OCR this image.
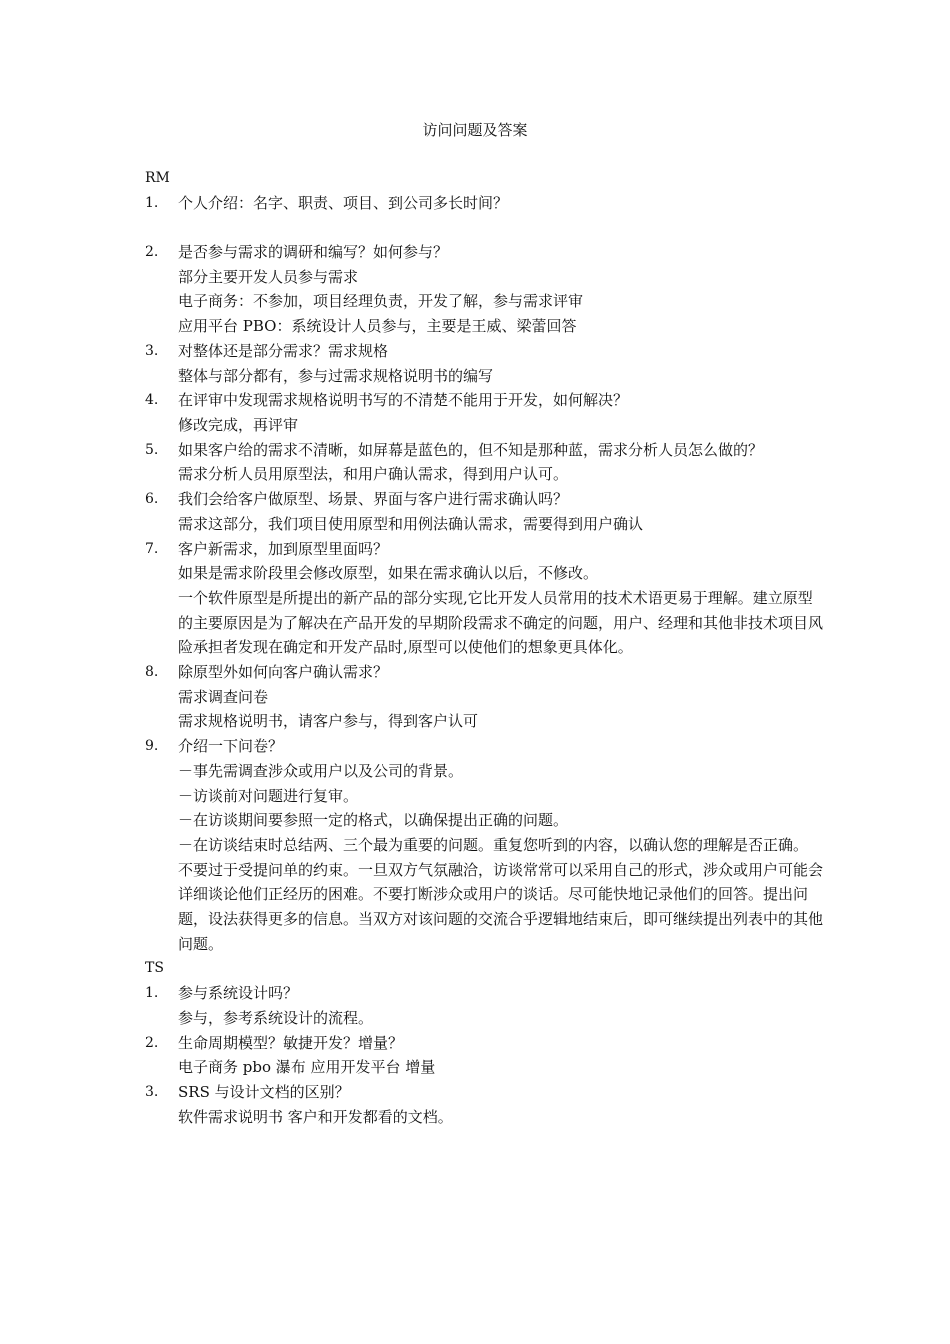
访问问题及答案
RM
1.	个人介绍：名字、职责、项目、到公司多长时间？
2.	是否参与需求的调研和编写？如何参与？
部分主要开发人员参与需求
电子商务：不参加，项目经理负责，开发了解，参与需求评审
应用平台 PBO：系统设计人员参与，主要是王威、梁蕾回答
3.	对整体还是部分需求？需求规格
整体与部分都有，参与过需求规格说明书的编写
4.	在评审中发现需求规格说明书写的不清楚不能用于开发，如何解决？
修改完成，再评审
5.	如果客户给的需求不清晰，如屏幕是蓝色的，但不知是那种蓝，需求分析人员怎么做的？
需求分析人员用原型法，和用户确认需求，得到用户认可。
6.	我们会给客户做原型、场景、界面与客户进行需求确认吗？
需求这部分，我们项目使用原型和用例法确认需求，需要得到用户确认
7.	客户新需求，加到原型里面吗？
如果是需求阶段里会修改原型，如果在需求确认以后，不修改。
一个软件原型是所提出的新产品的部分实现,它比开发人员常用的技术术语更易于理解。建立原型的主要原因是为了解决在产品开发的早期阶段需求不确定的问题，用户、经理和其他非技术项目风险承担者发现在确定和开发产品时,原型可以使他们的想象更具体化。
8.	除原型外如何向客户确认需求？
需求调查问卷
需求规格说明书，请客户参与，得到客户认可
9.	介绍一下问卷？
－事先需调查涉众或用户以及公司的背景。
－访谈前对问题进行复审。
－在访谈期间要参照一定的格式，以确保提出正确的问题。
－在访谈结束时总结两、三个最为重要的问题。重复您听到的内容，以确认您的理解是否正确。
不要过于受提问单的约束。一旦双方气氛融洽，访谈常常可以采用自己的形式，涉众或用户可能会详细谈论他们正经历的困难。不要打断涉众或用户的谈话。尽可能快地记录他们的回答。提出问题，设法获得更多的信息。当双方对该问题的交流合乎逻辑地结束后，即可继续提出列表中的其他问题。
TS
1.	参与系统设计吗？
参与，参考系统设计的流程。
2.	生命周期模型？敏捷开发？增量？
电子商务 pbo 瀑布 应用开发平台 增量
3.	SRS 与设计文档的区别？
软件需求说明书 客户和开发都看的文档。
